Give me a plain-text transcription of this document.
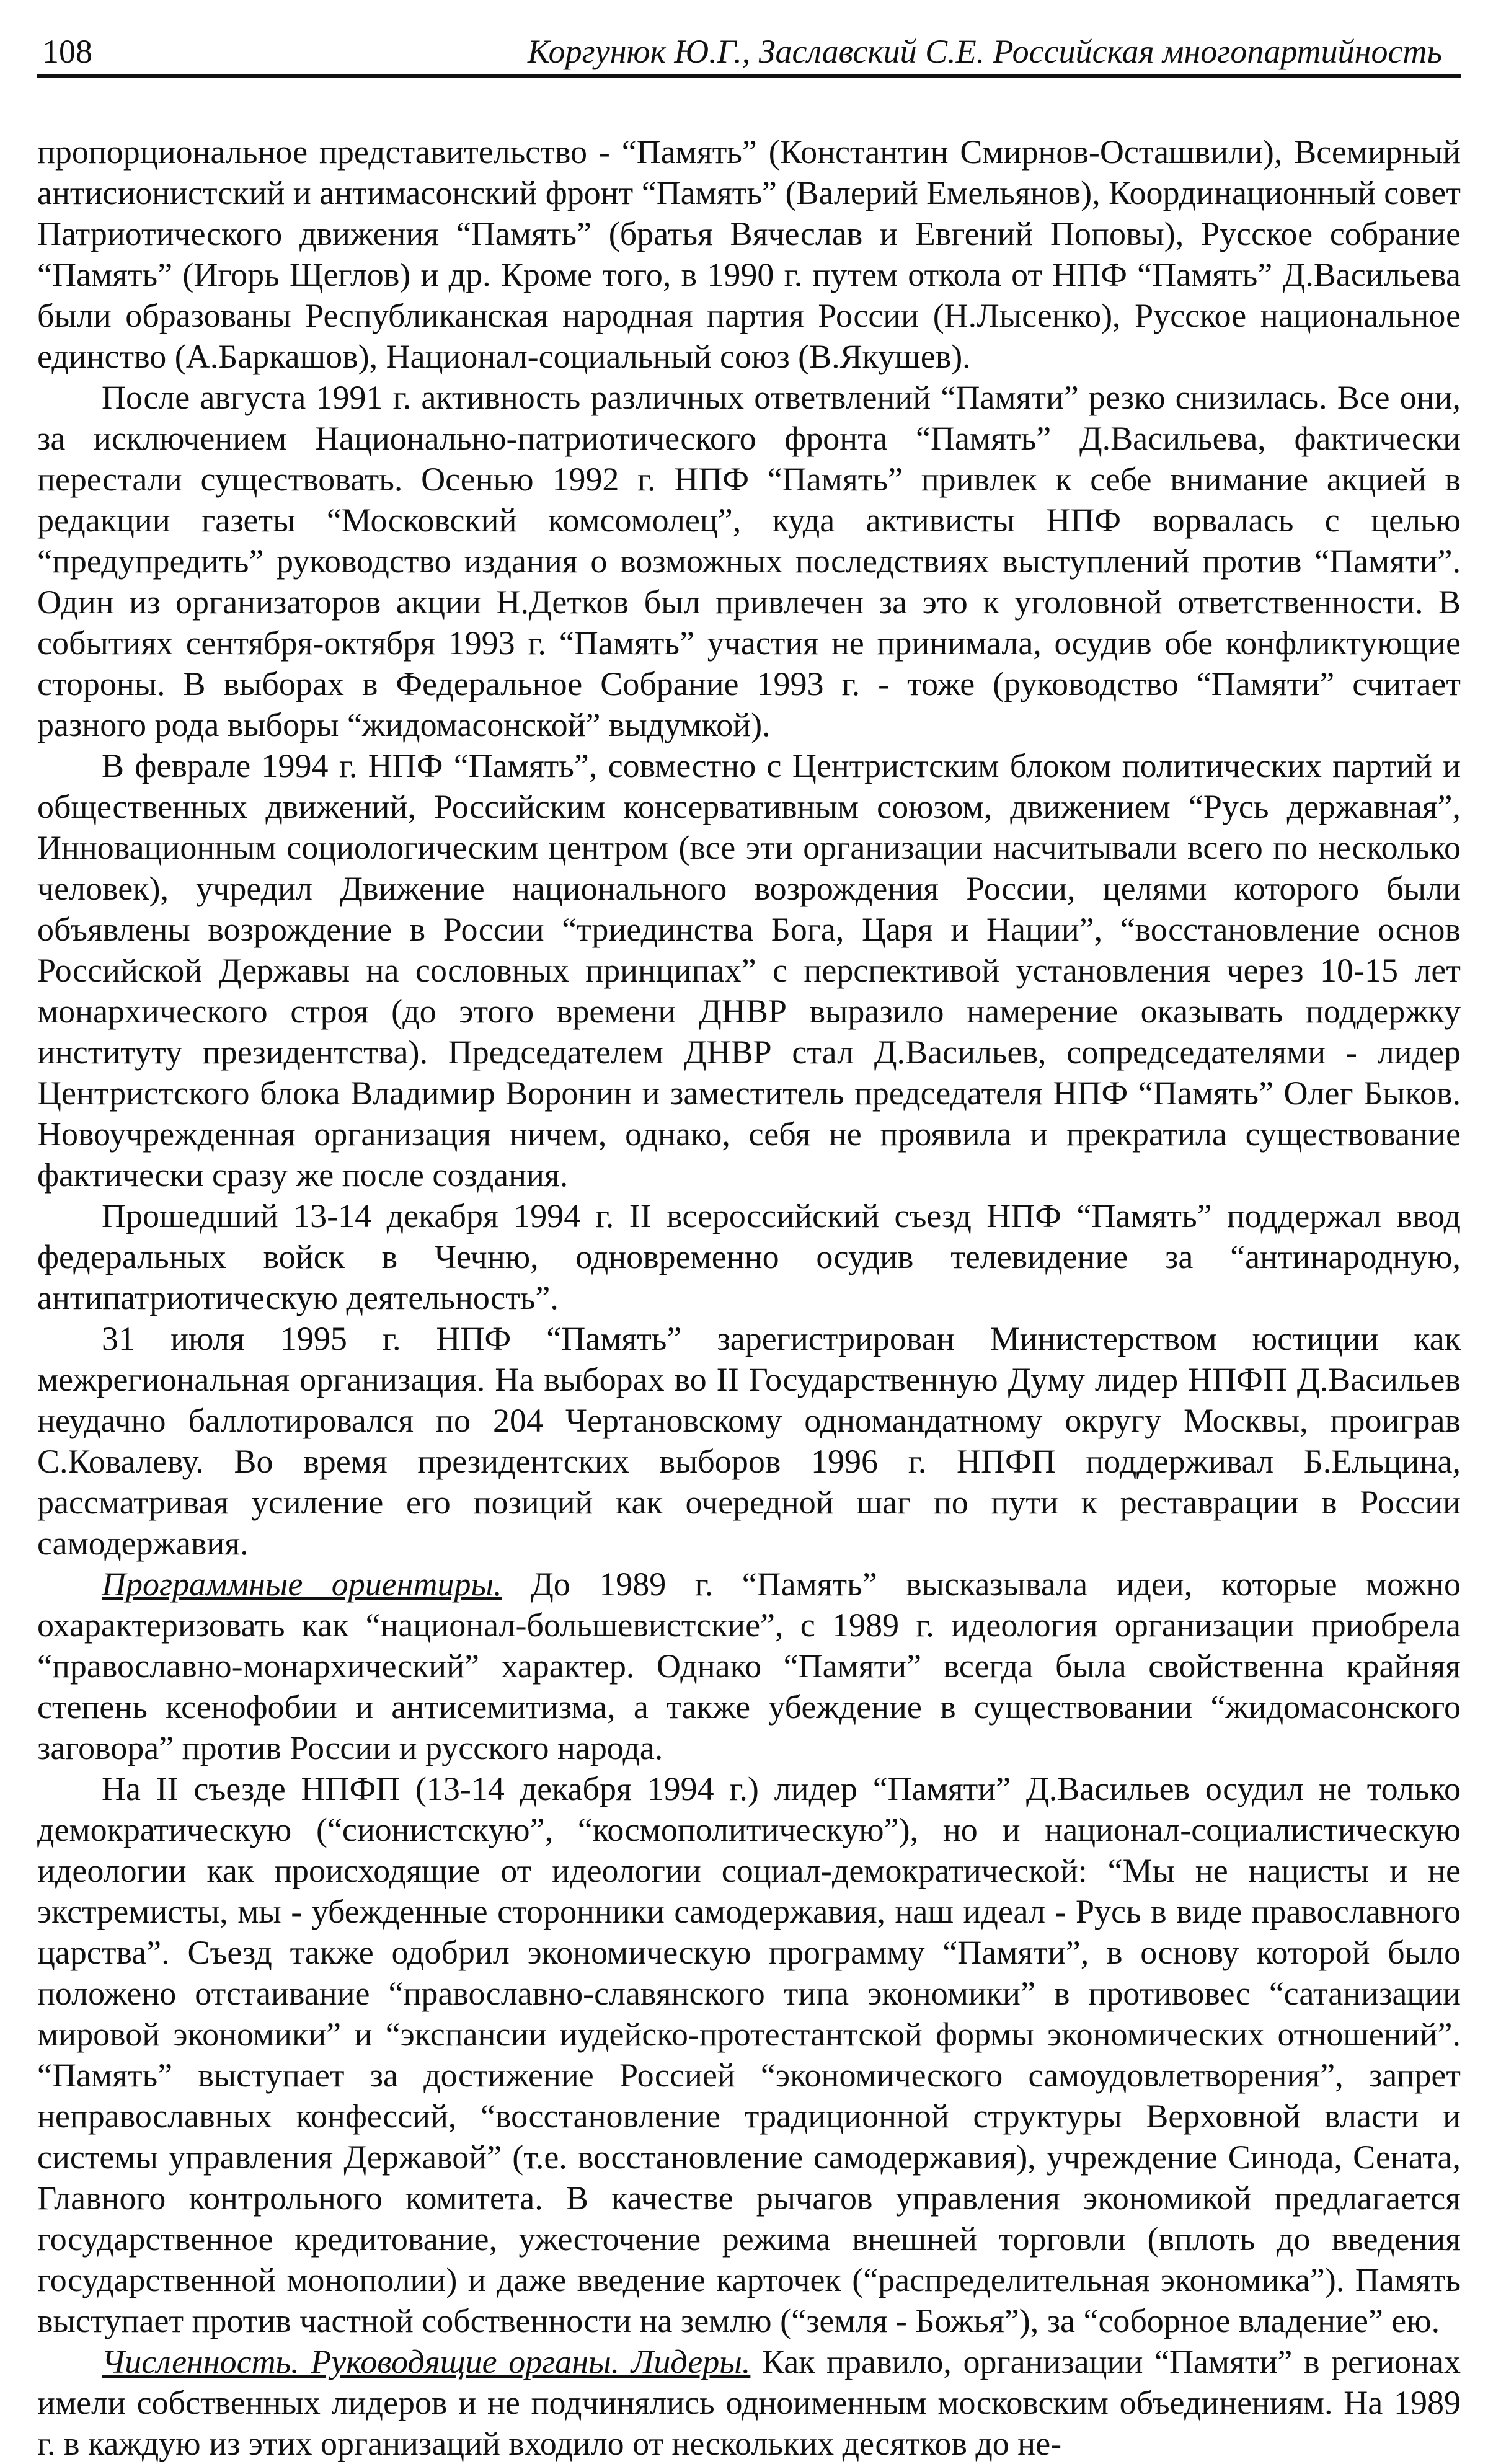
108	Коргунюк Ю.Г., Заславский С.Е. Российская многопартийность

пропорциональное представительство - “Память” (Константин Смирнов-Осташвили), Всемирный антисионистский и антимасонский фронт “Память” (Валерий Емельянов), Координационный совет Патриотического движения “Память” (братья Вячеслав и Евгений Поповы), Русское собрание “Память” (Игорь Щеглов) и др. Кроме того, в 1990 г. путем откола от НПФ “Память” Д.Васильева были образованы Республиканская народная партия России (Н.Лысенко), Русское национальное единство (А.Баркашов), Национал-социальный союз (В.Якушев).

После августа 1991 г. активность различных ответвлений “Памяти” резко снизилась. Все они, за исключением Национально-патриотического фронта “Память” Д.Васильева, фактически перестали существовать. Осенью 1992 г. НПФ “Память” привлек к себе внимание акцией в редакции газеты “Московский комсомолец”, куда активисты НПФ ворвалась с целью “предупредить” руководство издания о возможных последствиях выступлений против “Памяти”. Один из организаторов акции Н.Детков был привлечен за это к уголовной ответственности. В событиях сентября-октября 1993 г. “Память” участия не принимала, осудив обе конфликтующие стороны. В выборах в Федеральное Собрание 1993 г. - тоже (руководство “Памяти” считает разного рода выборы “жидомасонской” выдумкой).

В феврале 1994 г. НПФ “Память”, совместно с Центристским блоком политических партий и общественных движений, Российским консервативным союзом, движением “Русь державная”, Инновационным социологическим центром (все эти организации насчитывали всего по несколько человек), учредил Движение национального возрождения России, целями которого были объявлены возрождение в России “триединства Бога, Царя и Нации”, “восстановление основ Российской Державы на сословных принципах” с перспективой установления через 10-15 лет монархического строя (до этого времени ДНВР выразило намерение оказывать поддержку институту президентства). Председателем ДНВР стал Д.Васильев, сопредседателями - лидер Центристского блока Владимир Воронин и заместитель председателя НПФ “Память” Олег Быков. Новоучрежденная организация ничем, однако, себя не проявила и прекратила существование фактически сразу же после создания.

Прошедший 13-14 декабря 1994 г. II всероссийский съезд НПФ “Память” поддержал ввод федеральных войск в Чечню, одновременно осудив телевидение за “антинародную, антипатриотическую деятельность”.

31 июля 1995 г. НПФ “Память” зарегистрирован Министерством юстиции как межрегиональная организация. На выборах во II Государственную Думу лидер НПФП Д.Васильев неудачно баллотировался по 204 Чертановскому одномандатному округу Москвы, проиграв С.Ковалеву. Во время президентских выборов 1996 г. НПФП поддерживал Б.Ельцина, рассматривая усиление его позиций как очередной шаг по пути к реставрации в России самодержавия.

Программные ориентиры. До 1989 г. “Память” высказывала идеи, которые можно охарактеризовать как “национал-большевистские”, с 1989 г. идеология организации приобрела “православно-монархический” характер. Однако “Памяти” всегда была свойственна крайняя степень ксенофобии и антисемитизма, а также убеждение в существовании “жидомасонского заговора” против России и русского народа.

На II съезде НПФП (13-14 декабря 1994 г.) лидер “Памяти” Д.Васильев осудил не только демократическую (“сионистскую”, “космополитическую”), но и национал-социалистическую идеологии как происходящие от идеологии социал-демократической: “Мы не нацисты и не экстремисты, мы - убежденные сторонники самодержавия, наш идеал - Русь в виде православного царства”. Съезд также одобрил экономическую программу “Памяти”, в основу которой было положено отстаивание “православно-славянского типа экономики” в противовес “сатанизации мировой экономики” и “экспансии иудейско-протестантской формы экономических отношений”. “Память” выступает за достижение Россией “экономического самоудовлетворения”, запрет неправославных конфессий, “восстановление традиционной структуры Верховной власти и системы управления Державой” (т.е. восстановление самодержавия), учреждение Синода, Сената, Главного контрольного комитета. В качестве рычагов управления экономикой предлагается государственное кредитование, ужесточение режима внешней торговли (вплоть до введения государственной монополии) и даже введение карточек (“распределительная экономика”). Память выступает против частной собственности на землю (“земля - Божья”), за “соборное владение” ею.

Численность. Руководящие органы. Лидеры. Как правило, организации “Памяти” в регионах имели собственных лидеров и не подчинялись одноименным московским объединениям. На 1989 г. в каждую из этих организаций входило от нескольких десятков до не-
